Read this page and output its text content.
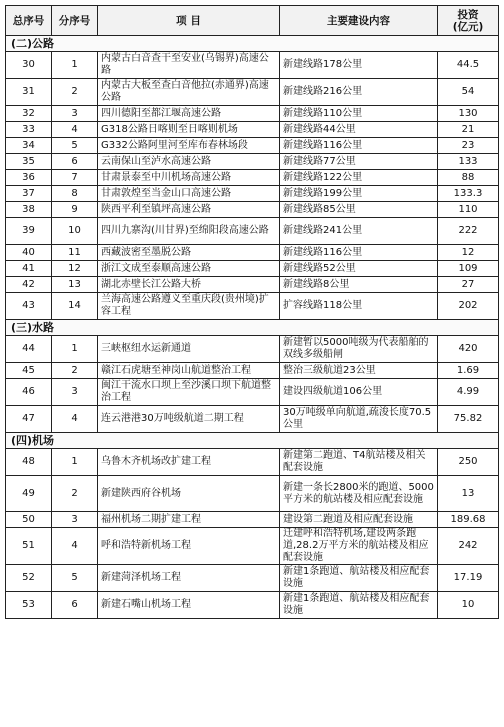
总序号	分序号	项 目	主要建设内容	投资
(亿元)

(二)公路				
30	1	内蒙古白音查干至安业(乌锡界)高速公路	新建线路178公里	44.5
31	2	内蒙古大板至查白音他拉(赤通界)高速公路	新建线路216公里	54
32	3	四川德阳至都江堰高速公路	新建线路110公里	130
33	4	G318公路日喀则至日喀则机场	新建线路44公里	21
34	5	G332公路阿里河至库布春林场段	新建线路116公里	23
35	6	云南保山至泸水高速公路	新建线路77公里	133
36	7	甘肃景泰至中川机场高速公路	新建线路122公里	88
37	8	甘肃敦煌至当金山口高速公路	新建线路199公里	133.3
38	9	陕西平利至镇坪高速公路	新建线路85公里	110
39	10	四川九寨沟(川甘界)至绵阳段高速公路	新建线路241公里	222
40	11	西藏波密至墨脱公路	新建线路116公里	12
41	12	浙江文成至泰顺高速公路	新建线路52公里	109
42	13	湖北赤壁长江公路大桥	新建线路8公里	27
43	14	兰海高速公路遵义至重庆段(贵州境)扩容工程	扩容线路118公里	202
(三)水路				
44	1	三峡枢纽水运新通道	新建暂以5000吨级为代表船舶的双线多级船闸	420
45	2	赣江石虎塘至神岗山航道整治工程	整治三级航道23公里	1.69
46	3	闽江干流水口坝上至沙溪口坝下航道整治工程	建设四级航道106公里	4.99
47	4	连云港港30万吨级航道二期工程	30万吨级单向航道,疏浚长度70.5公里	75.82
(四)机场				
48	1	乌鲁木齐机场改扩建工程	新建第二跑道、T4航站楼及相关配套设施	250
49	2	新建陕西府谷机场	新建一条长2800米的跑道、5000平方米的航站楼及相应配套设施	13
50	3	福州机场二期扩建工程	建设第二跑道及相应配套设施	189.68
51	4	呼和浩特新机场工程	迁建呼和浩特机场,建设两条跑道,28.2万平方米的航站楼及相应配套设施	242
52	5	新建菏泽机场工程	新建1条跑道、航站楼及相应配套设施	17.19
53	6	新建石嘴山机场工程	新建1条跑道、航站楼及相应配套设施	10
